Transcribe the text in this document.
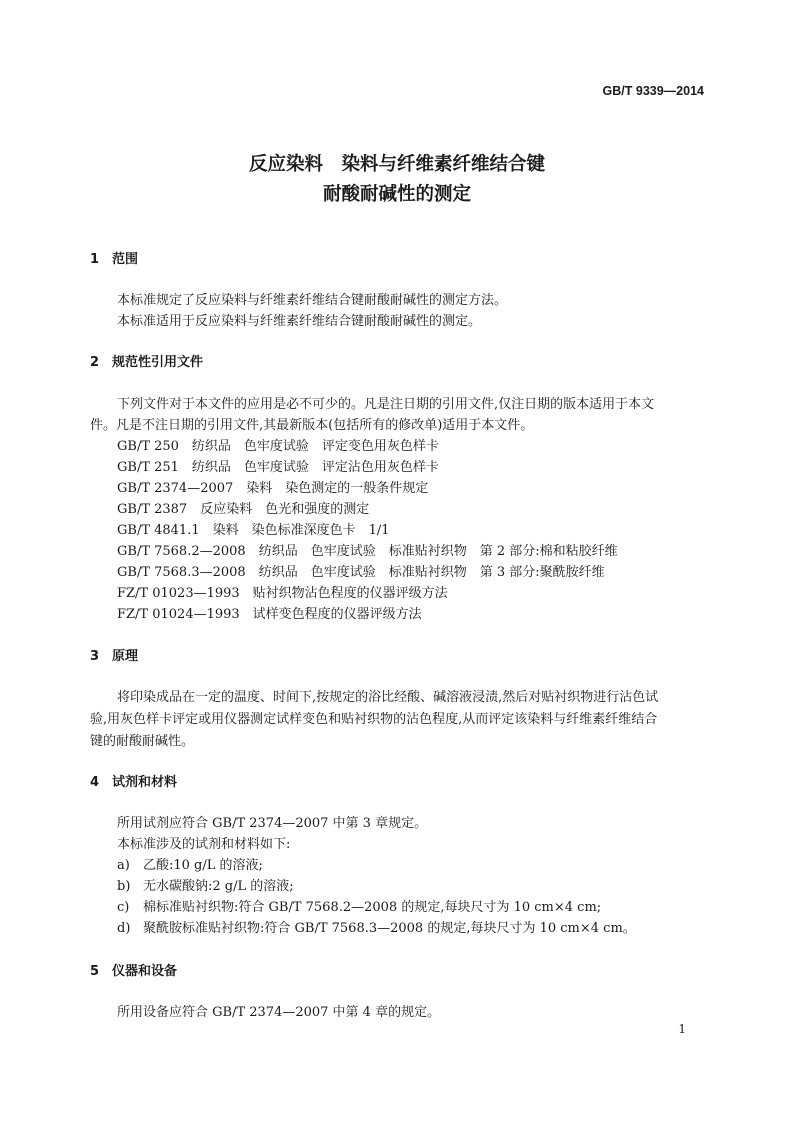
GB/T 9339—2014
反应染料　染料与纤维素纤维结合键
耐酸耐碱性的测定
1 范围
本标准规定了反应染料与纤维素纤维结合键耐酸耐碱性的测定方法。
本标准适用于反应染料与纤维素纤维结合键耐酸耐碱性的测定。
2 规范性引用文件
下列文件对于本文件的应用是必不可少的。凡是注日期的引用文件,仅注日期的版本适用于本文
件。凡是不注日期的引用文件,其最新版本(包括所有的修改单)适用于本文件。
GB/T 250　纺织品　色牢度试验　评定变色用灰色样卡
GB/T 251　纺织品　色牢度试验　评定沾色用灰色样卡
GB/T 2374—2007　染料　染色测定的一般条件规定
GB/T 2387　反应染料　色光和强度的测定
GB/T 4841.1　染料　染色标准深度色卡　1/1
GB/T 7568.2—2008　纺织品　色牢度试验　标准贴衬织物　第 2 部分:棉和粘胶纤维
GB/T 7568.3—2008　纺织品　色牢度试验　标准贴衬织物　第 3 部分:聚酰胺纤维
FZ/T 01023—1993　贴衬织物沾色程度的仪器评级方法
FZ/T 01024—1993　试样变色程度的仪器评级方法
3 原理
将印染成品在一定的温度、时间下,按规定的浴比经酸、碱溶液浸渍,然后对贴衬织物进行沾色试
验,用灰色样卡评定或用仪器测定试样变色和贴衬织物的沾色程度,从而评定该染料与纤维素纤维结合
键的耐酸耐碱性。
4 试剂和材料
所用试剂应符合 GB/T 2374—2007 中第 3 章规定。
本标准涉及的试剂和材料如下:
a) 乙酸:10 g/L 的溶液;
b) 无水碳酸钠:2 g/L 的溶液;
c) 棉标准贴衬织物:符合 GB/T 7568.2—2008 的规定,每块尺寸为 10 cm×4 cm;
d) 聚酰胺标准贴衬织物:符合 GB/T 7568.3—2008 的规定,每块尺寸为 10 cm×4 cm。
5 仪器和设备
所用设备应符合 GB/T 2374—2007 中第 4 章的规定。
1
